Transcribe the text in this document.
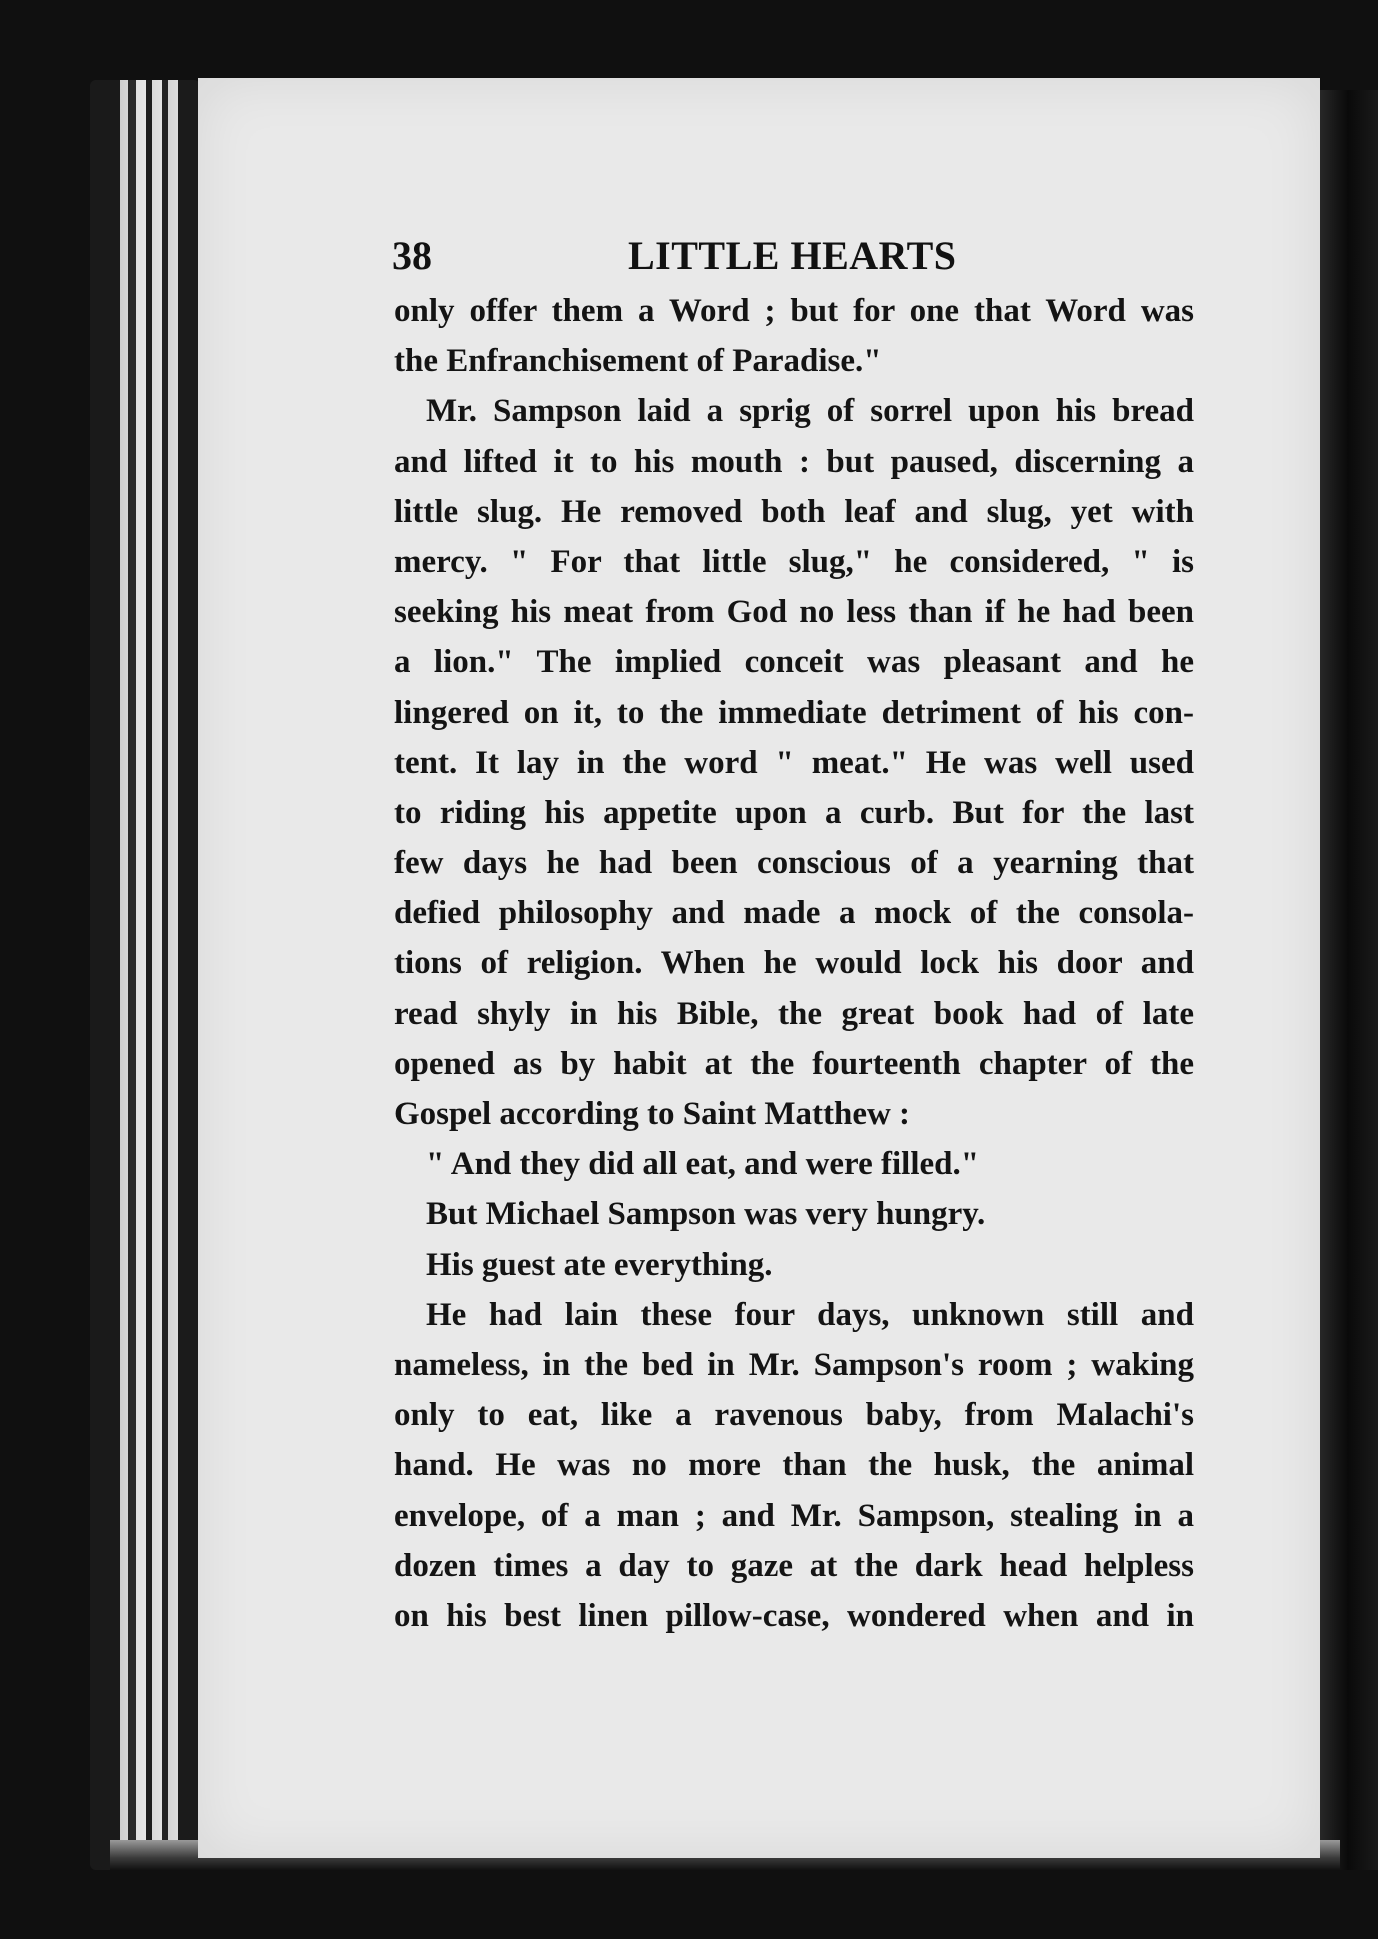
38	LITTLE HEARTS
only offer them a Word ; but for one that Word was
the Enfranchisement of Paradise."
Mr. Sampson laid a sprig of sorrel upon his bread
and lifted it to his mouth : but paused, discerning a
little slug. He removed both leaf and slug, yet with
mercy. " For that little slug," he considered, " is
seeking his meat from God no less than if he had been
a lion." The implied conceit was pleasant and he
lingered on it, to the immediate detriment of his con-
tent. It lay in the word " meat." He was well used
to riding his appetite upon a curb. But for the last
few days he had been conscious of a yearning that
defied philosophy and made a mock of the consola-
tions of religion. When he would lock his door and
read shyly in his Bible, the great book had of late
opened as by habit at the fourteenth chapter of the
Gospel according to Saint Matthew :
" And they did all eat, and were filled."
But Michael Sampson was very hungry.
His guest ate everything.
He had lain these four days, unknown still and
nameless, in the bed in Mr. Sampson's room ; waking
only to eat, like a ravenous baby, from Malachi's
hand. He was no more than the husk, the animal
envelope, of a man ; and Mr. Sampson, stealing in a
dozen times a day to gaze at the dark head helpless
on his best linen pillow-case, wondered when and in
